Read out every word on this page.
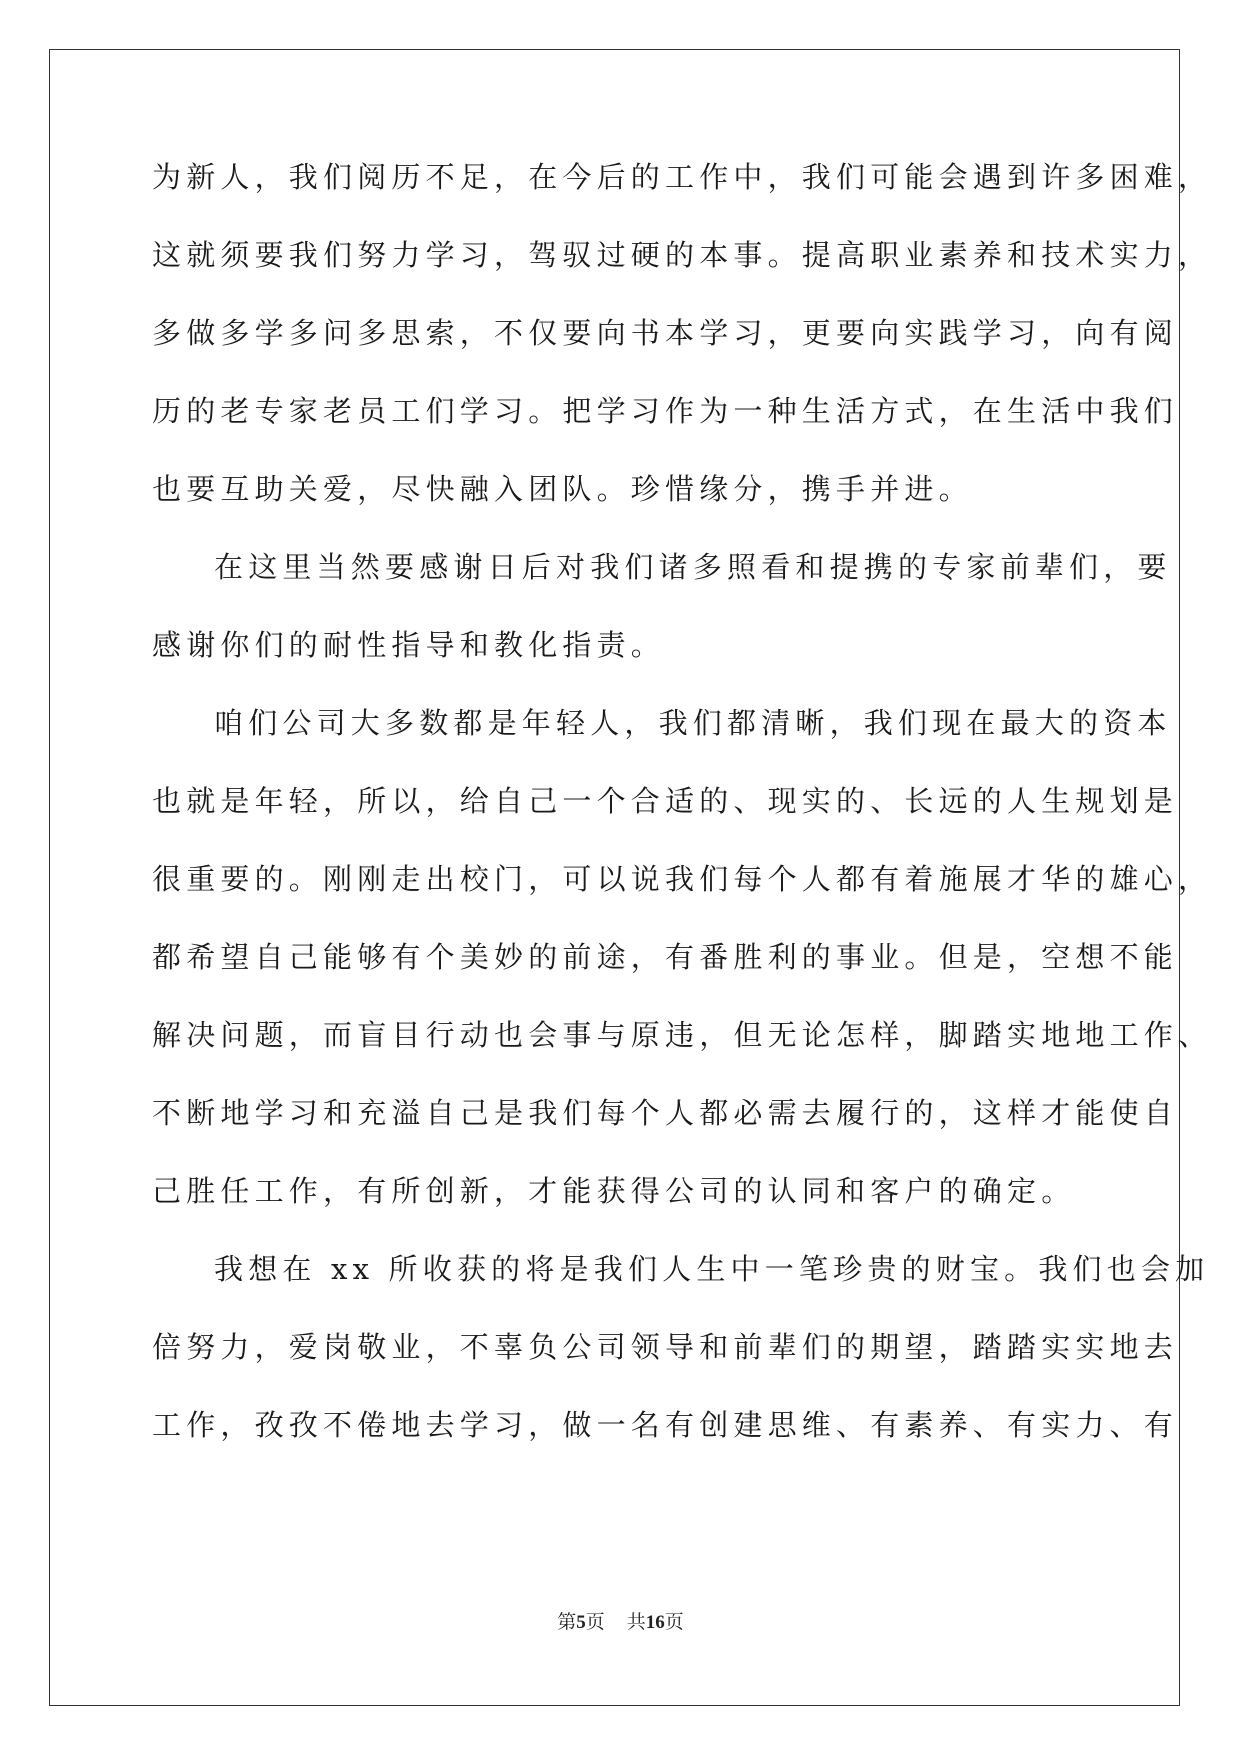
为新人，我们阅历不足，在今后的工作中，我们可能会遇到许多困难，
这就须要我们努力学习，驾驭过硬的本事。提高职业素养和技术实力，
多做多学多问多思索，不仅要向书本学习，更要向实践学习，向有阅
历的老专家老员工们学习。把学习作为一种生活方式，在生活中我们
也要互助关爱，尽快融入团队。珍惜缘分，携手并进。
在这里当然要感谢日后对我们诸多照看和提携的专家前辈们，要
感谢你们的耐性指导和教化指责。
咱们公司大多数都是年轻人，我们都清晰，我们现在最大的资本
也就是年轻，所以，给自己一个合适的、现实的、长远的人生规划是
很重要的。刚刚走出校门，可以说我们每个人都有着施展才华的雄心，
都希望自己能够有个美妙的前途，有番胜利的事业。但是，空想不能
解决问题，而盲目行动也会事与原违，但无论怎样，脚踏实地地工作、
不断地学习和充溢自己是我们每个人都必需去履行的，这样才能使自
己胜任工作，有所创新，才能获得公司的认同和客户的确定。
我想在 xx 所收获的将是我们人生中一笔珍贵的财宝。我们也会加
倍努力，爱岗敬业，不辜负公司领导和前辈们的期望，踏踏实实地去
工作，孜孜不倦地去学习，做一名有创建思维、有素养、有实力、有
第5页 共16页
